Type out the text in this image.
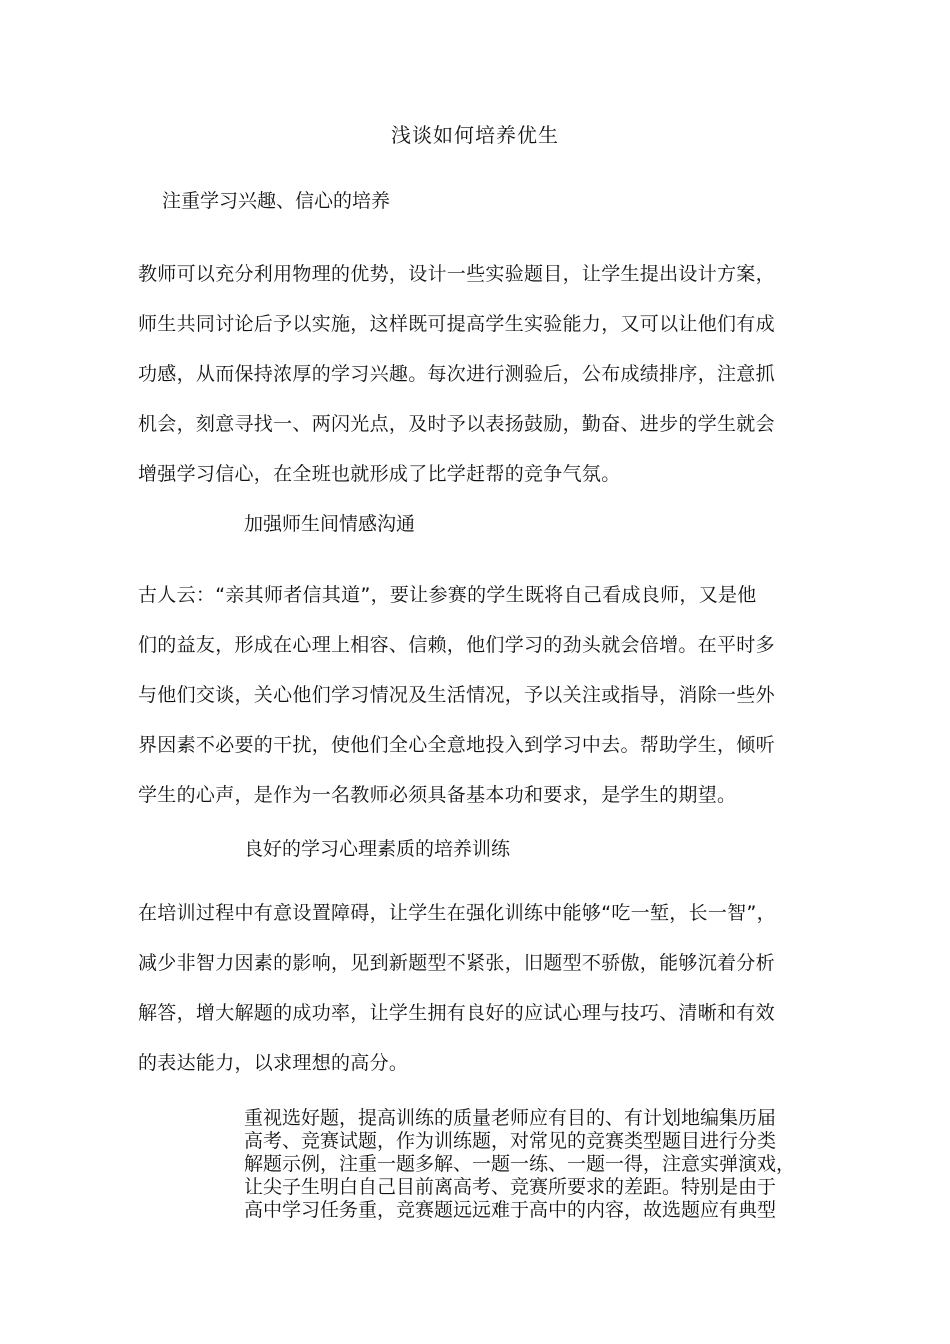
浅谈如何培养优生
注重学习兴趣、信心的培养
教师可以充分利用物理的优势，设计一些实验题目，让学生提出设计方案，
师生共同讨论后予以实施，这样既可提高学生实验能力，又可以让他们有成
功感，从而保持浓厚的学习兴趣。每次进行测验后，公布成绩排序，注意抓
机会，刻意寻找一、两闪光点，及时予以表扬鼓励，勤奋、进步的学生就会
增强学习信心，在全班也就形成了比学赶帮的竞争气氛。
加强师生间情感沟通
古人云：“亲其师者信其道”，要让参赛的学生既将自己看成良师，又是他
们的益友，形成在心理上相容、信赖，他们学习的劲头就会倍增。在平时多
与他们交谈，关心他们学习情况及生活情况，予以关注或指导，消除一些外
界因素不必要的干扰，使他们全心全意地投入到学习中去。帮助学生，倾听
学生的心声，是作为一名教师必须具备基本功和要求，是学生的期望。
良好的学习心理素质的培养训练
在培训过程中有意设置障碍，让学生在强化训练中能够“吃一堑，长一智”，
减少非智力因素的影响，见到新题型不紧张，旧题型不骄傲，能够沉着分析
解答，增大解题的成功率，让学生拥有良好的应试心理与技巧、清晰和有效
的表达能力，以求理想的高分。
重视选好题，提高训练的质量老师应有目的、有计划地编集历届
高考、竞赛试题，作为训练题，对常见的竞赛类型题目进行分类
解题示例，注重一题多解、一题一练、一题一得，注意实弹演戏，
让尖子生明白自己目前离高考、竞赛所要求的差距。特别是由于
高中学习任务重，竞赛题远远难于高中的内容，故选题应有典型
